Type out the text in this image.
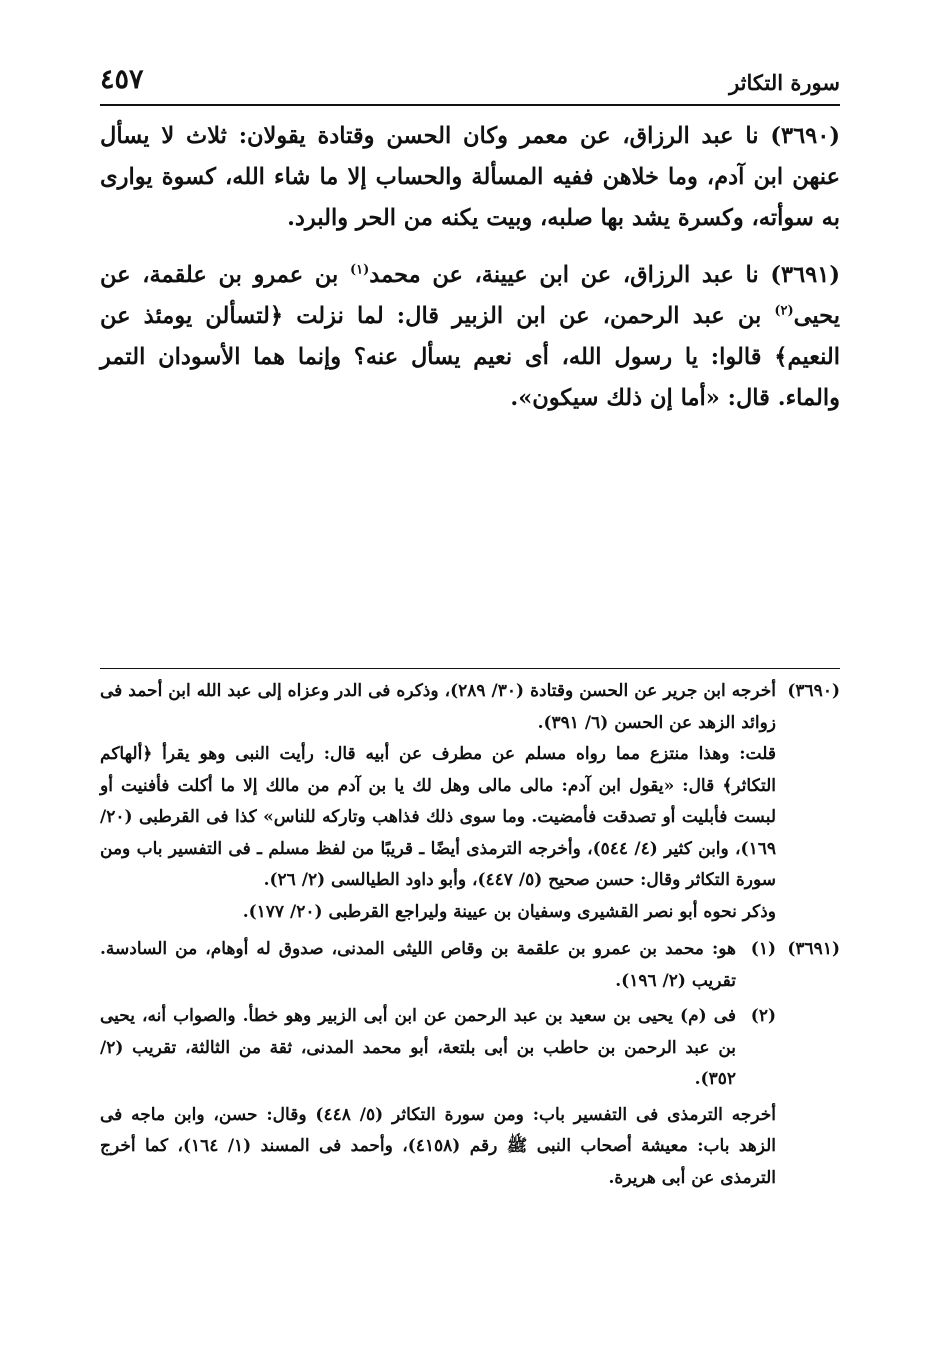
سورة التكاثر
٤٥٧

(٣٦٩٠) نا عبد الرزاق، عن معمر وكان الحسن وقتادة يقولان: ثلاث لا يسأل عنهن ابن آدم، وما خلاهن ففيه المسألة والحساب إلا ما شاء الله، كسوة يوارى به سوأته، وكسرة يشد بها صلبه، وبيت يكنه من الحر والبرد.

(٣٦٩١) نا عبد الرزاق، عن ابن عيينة، عن محمد$^{(١)}$ بن عمرو بن علقمة، عن يحيى$^{(٢)}$ بن عبد الرحمن، عن ابن الزبير قال: لما نزلت ﴿لتسألن يومئذ عن النعيم﴾ قالوا: يا رسول الله، أى نعيم يسأل عنه؟ وإنما هما الأسودان التمر والماء. قال: «أما إن ذلك سيكون».

(٣٦٩٠)
أخرجه ابن جرير عن الحسن وقتادة (٣٠/ ٢٨٩)، وذكره فى الدر وعزاه إلى عبد الله ابن أحمد فى زوائد الزهد عن الحسن (٦/ ٣٩١).
قلت: وهذا منتزع مما رواه مسلم عن مطرف عن أبيه قال: رأيت النبى وهو يقرأ ﴿ألهاكم التكاثر﴾ قال: «يقول ابن آدم: مالى مالى وهل لك يا بن آدم من مالك إلا ما أكلت فأفنيت أو لبست فأبليت أو تصدقت فأمضيت. وما سوى ذلك فذاهب وتاركه للناس» كذا فى القرطبى (٢٠/ ١٦٩)، وابن كثير (٤/ ٥٤٤)، وأخرجه الترمذى أيضًا ـ قريبًا من لفظ مسلم ـ فى التفسير باب ومن سورة التكاثر وقال: حسن صحيح (٥/ ٤٤٧)، وأبو داود الطيالسى (٢/ ٢٦).
وذكر نحوه أبو نصر القشيرى وسفيان بن عيينة وليراجع القرطبى (٢٠/ ١٧٧).
(٣٦٩١)
(١)
هو: محمد بن عمرو بن علقمة بن وقاص الليثى المدنى، صدوق له أوهام، من السادسة. تقريب (٢/ ١٩٦).
(٢)
فى (م) يحيى بن سعيد بن عبد الرحمن عن ابن أبى الزبير وهو خطأ. والصواب أنه، يحيى بن عبد الرحمن بن حاطب بن أبى بلتعة، أبو محمد المدنى، ثقة من الثالثة، تقريب (٢/ ٣٥٢).
أخرجه الترمذى فى التفسير باب: ومن سورة التكاثر (٥/ ٤٤٨) وقال: حسن، وابن ماجه فى الزهد باب: معيشة أصحاب النبى ﷺ رقم (٤١٥٨)، وأحمد فى المسند (١/ ١٦٤)، كما أخرج الترمذى عن أبى هريرة.
